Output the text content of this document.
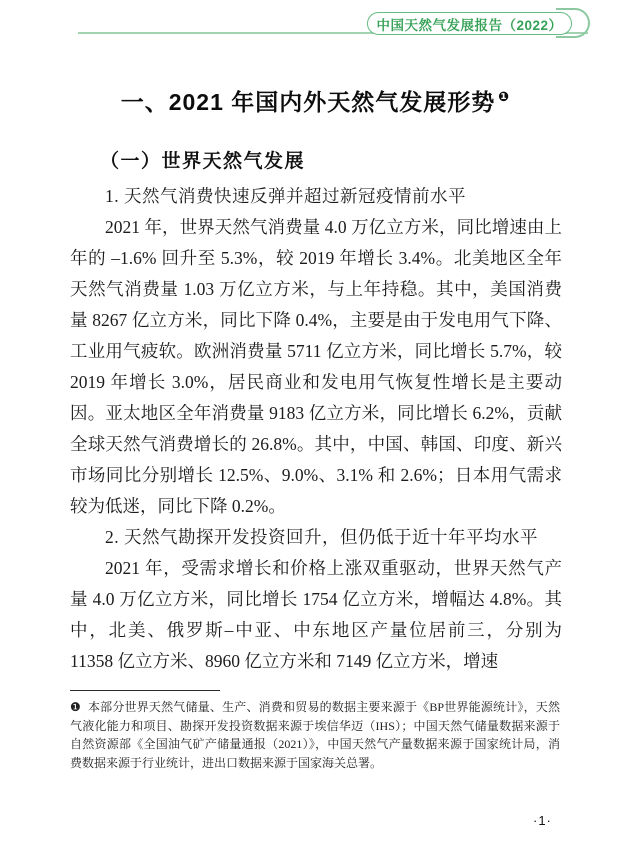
中国天然气发展报告（2022）
一、2021 年国内外天然气发展形势 $^❶$
（一）世界天然气发展
1. 天然气消费快速反弹并超过新冠疫情前水平

2021 年，世界天然气消费量 4.0 万亿立方米，同比增速由上年的 –1.6% 回升至 5.3%，较 2019 年增长 3.4%。北美地区全年天然气消费量 1.03 万亿立方米，与上年持稳。其中，美国消费量 8267 亿立方米，同比下降 0.4%，主要是由于发电用气下降、工业用气疲软。欧洲消费量 5711 亿立方米，同比增长 5.7%，较 2019 年增长 3.0%，居民商业和发电用气恢复性增长是主要动因。亚太地区全年消费量 9183 亿立方米，同比增长 6.2%，贡献全球天然气消费增长的 26.8%。其中，中国、韩国、印度、新兴市场同比分别增长 12.5%、9.0%、3.1% 和 2.6%；日本用气需求较为低迷，同比下降 0.2%。

2. 天然气勘探开发投资回升，但仍低于近十年平均水平

2021 年，受需求增长和价格上涨双重驱动，世界天然气产量 4.0 万亿立方米，同比增长 1754 亿立方米，增幅达 4.8%。其中，北美、俄罗斯–中亚、中东地区产量位居前三，分别为 11358 亿立方米、8960 亿立方米和 7149 亿立方米，增速

❶ 本部分世界天然气储量、生产、消费和贸易的数据主要来源于《BP世界能源统计》，天然气液化能力和项目、勘探开发投资数据来源于埃信华迈（IHS）；中国天然气储量数据来源于自然资源部《全国油气矿产储量通报（2021）》，中国天然气产量数据来源于国家统计局，消费数据来源于行业统计，进出口数据来源于国家海关总署。

·1·
